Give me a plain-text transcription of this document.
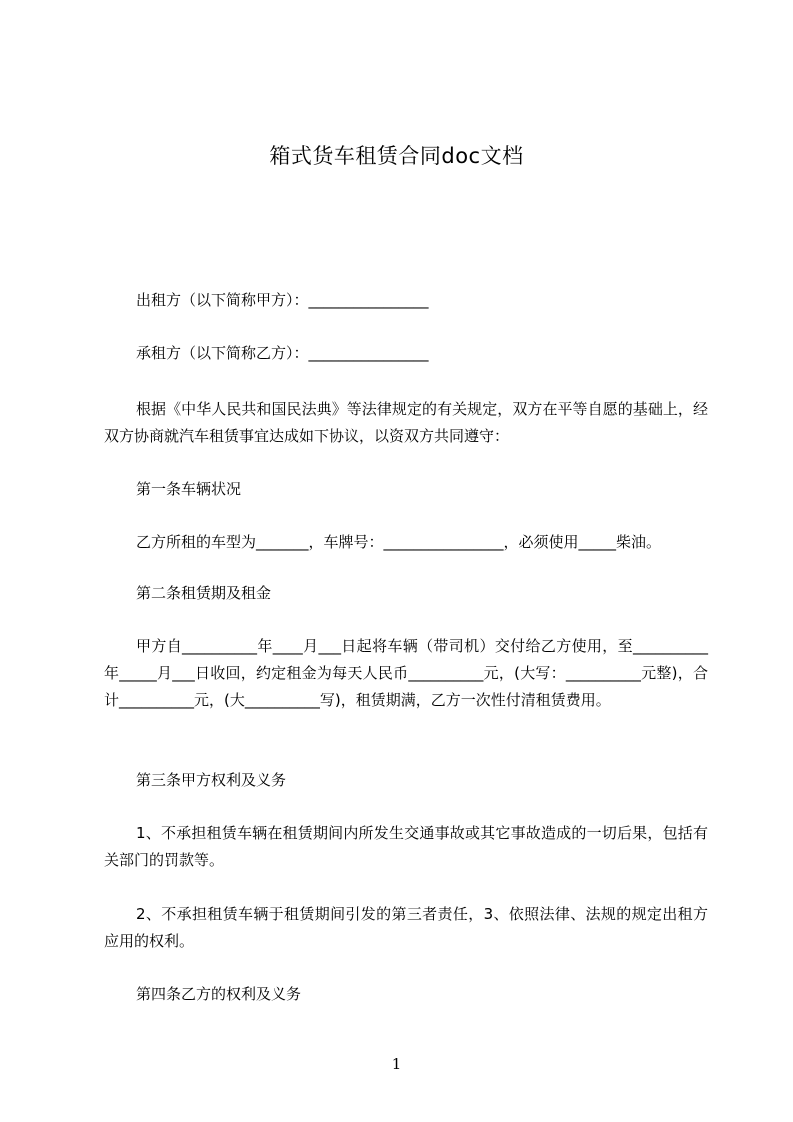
箱式货车租赁合同doc文档

出租方（以下简称甲方）：________________

承租方（以下简称乙方）：________________

根据《中华人民共和国民法典》等法律规定的有关规定，双方在平等自愿的基础上，经双方协商就汽车租赁事宜达成如下协议，以资双方共同遵守：

第一条车辆状况

乙方所租的车型为_______，车牌号：________________，必须使用_____柴油。

第二条租赁期及租金

甲方自__________年____月___日起将车辆（带司机）交付给乙方使用，至__________年_____月___日收回，约定租金为每天人民币__________元，(大写：__________元整)，合计__________元，(大__________写)，租赁期满，乙方一次性付清租赁费用。

第三条甲方权利及义务

1、不承担租赁车辆在租赁期间内所发生交通事故或其它事故造成的一切后果，包括有关部门的罚款等。

2、不承担租赁车辆于租赁期间引发的第三者责任，3、依照法律、法规的规定出租方应用的权利。

第四条乙方的权利及义务

1
